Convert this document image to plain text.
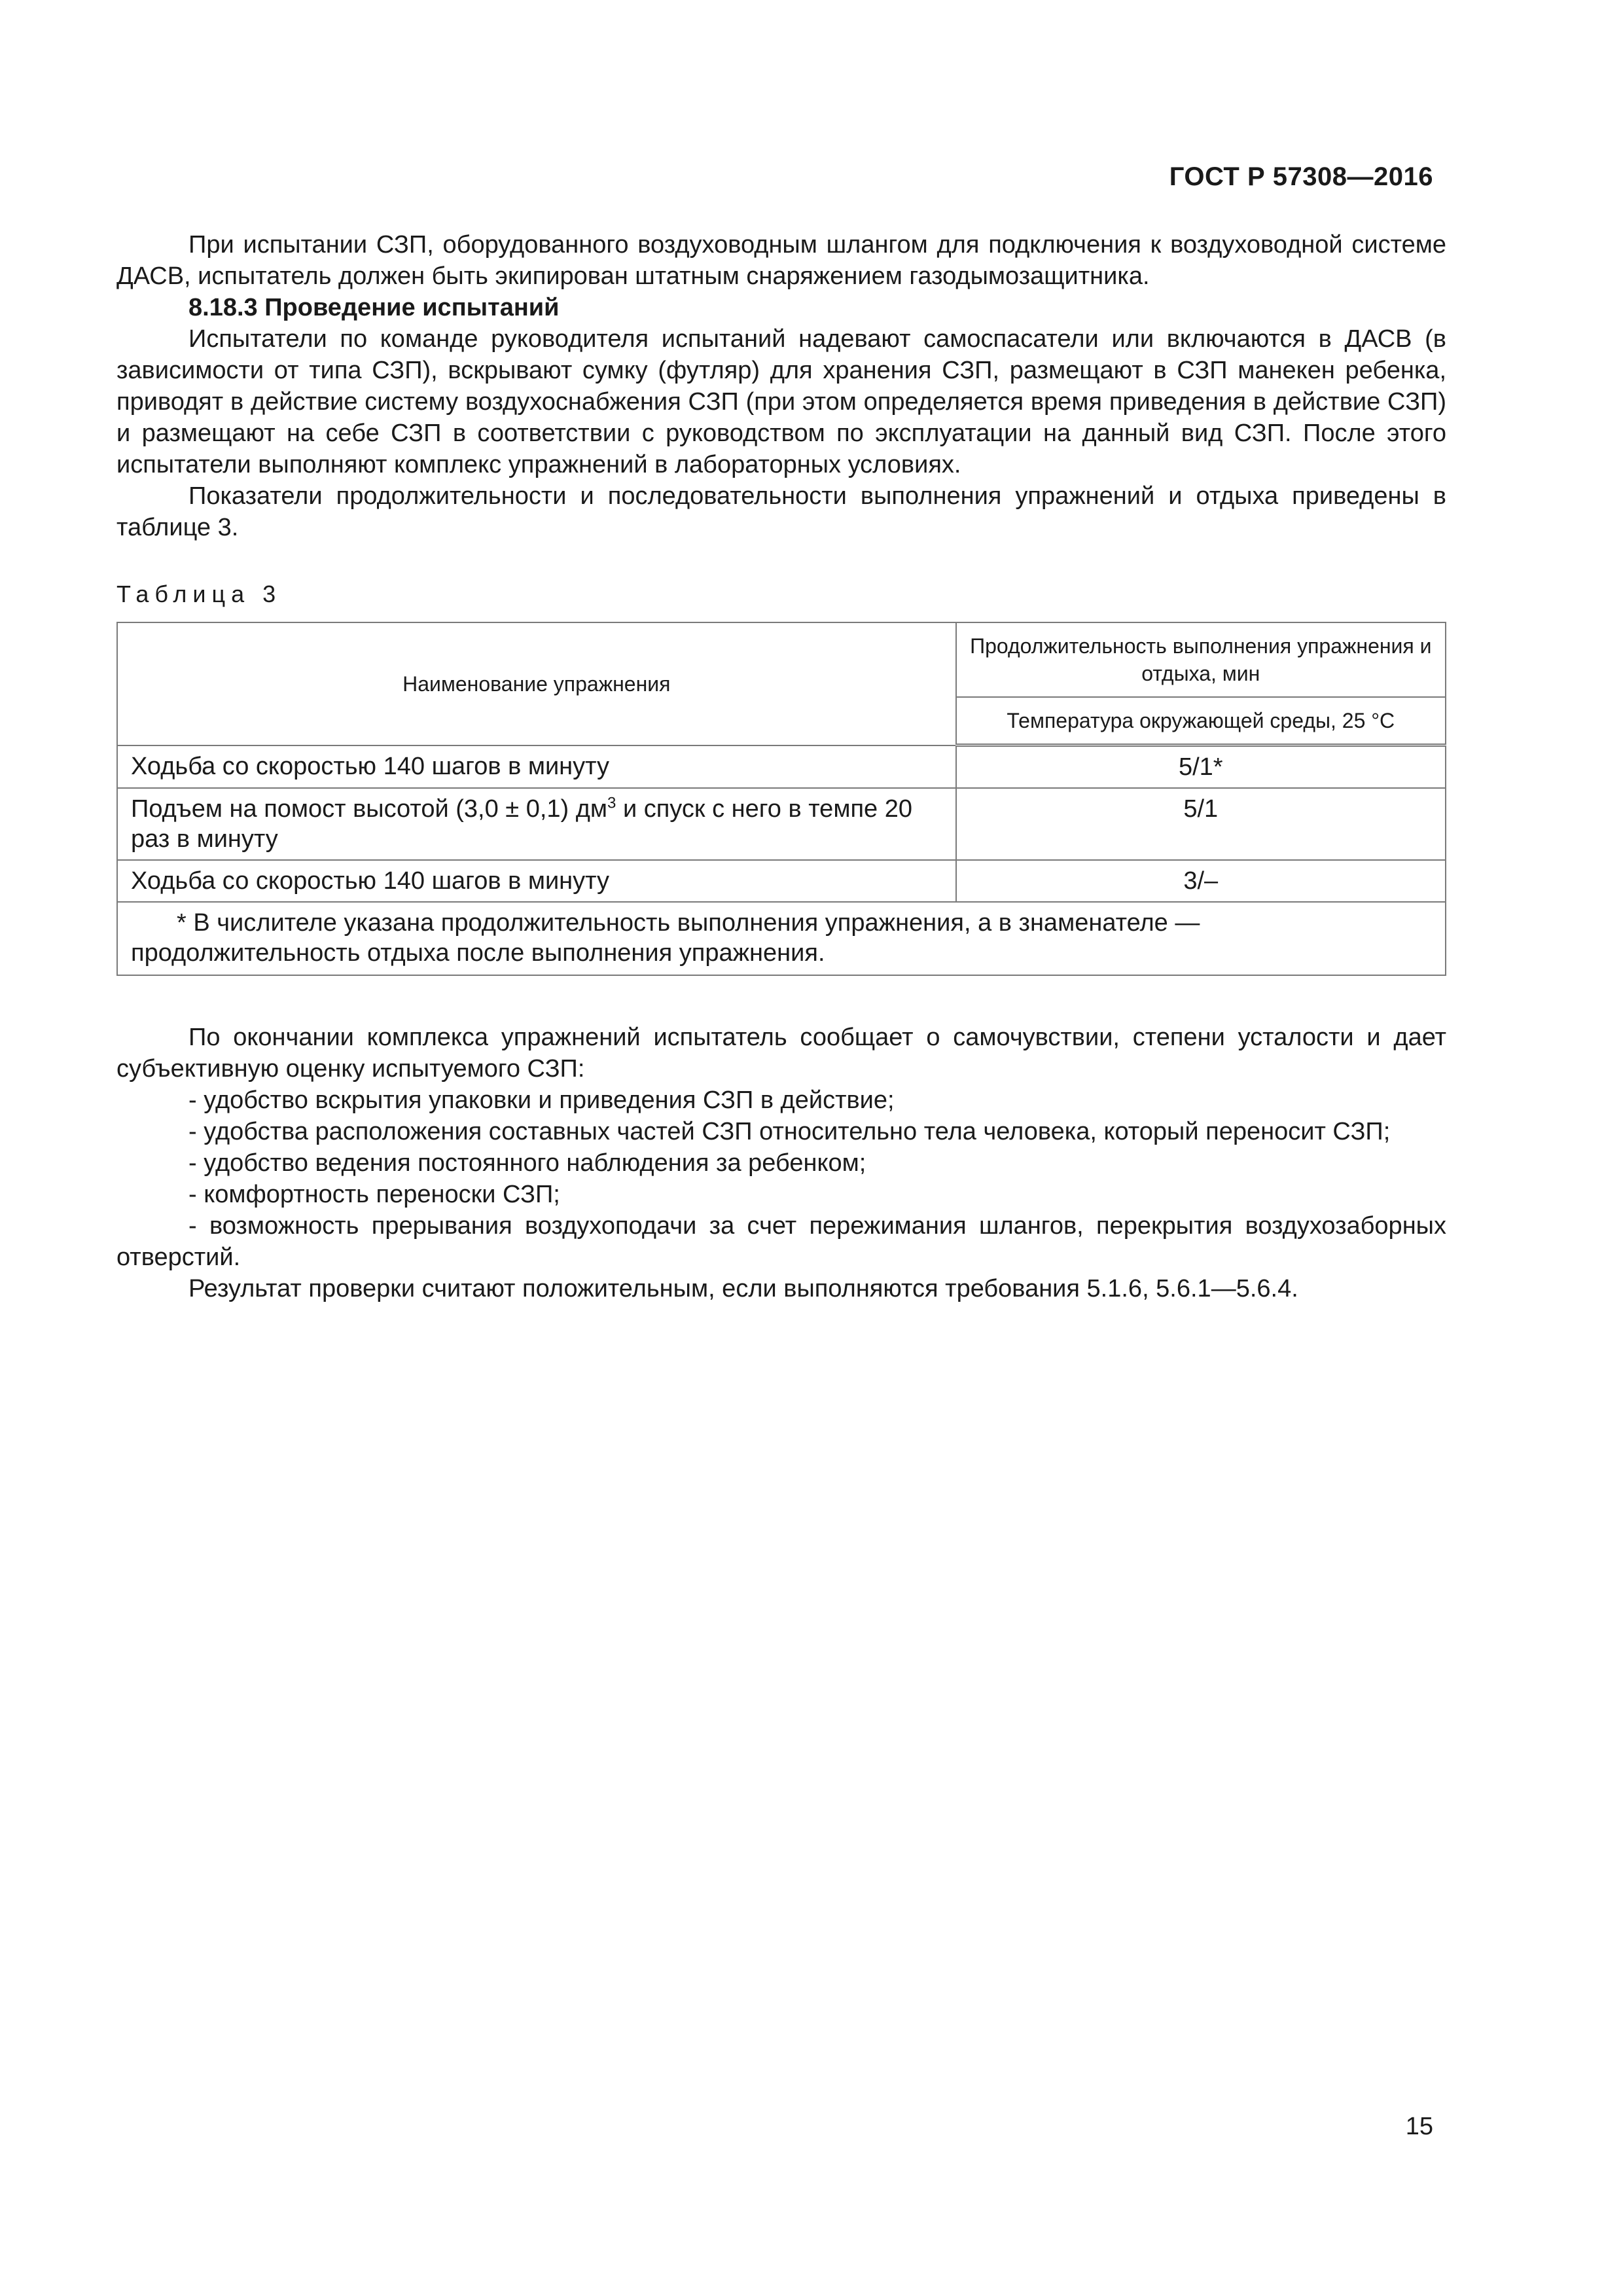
ГОСТ Р 57308—2016

При испытании СЗП, оборудованного воздуховодным шлангом для подключения к воздуховодной системе ДАСВ, испытатель должен быть экипирован штатным снаряжением газодымозащитника.

8.18.3 Проведение испытаний

Испытатели по команде руководителя испытаний надевают самоспасатели или включаются в ДАСВ (в зависимости от типа СЗП), вскрывают сумку (футляр) для хранения СЗП, размещают в СЗП манекен ребенка, приводят в действие систему воздухоснабжения СЗП (при этом определяется время приведения в действие СЗП) и размещают на себе СЗП в соответствии с руководством по эксплуатации на данный вид СЗП. После этого испытатели выполняют комплекс упражнений в лабораторных условиях.

Показатели продолжительности и последовательности выполнения упражнений и отдыха приведены в таблице 3.

Таблица 3
Наименование упражнения	Продолжительность выполнения упражнения и отдыха, мин
	Температура окружающей среды, 25 °С
Ходьба со скоростью 140 шагов в минуту	5/1*
Подъем на помост высотой (3,0 ± 0,1) $дм^3$ и спуск с него в темпе 20 раз в минуту	5/1
Ходьба со скоростью 140 шагов в минуту	3/–

* В числителе указана продолжительность выполнения упражнения, а в знаменателе — продолжительность отдыха после выполнения упражнения.	

По окончании комплекса упражнений испытатель сообщает о самочувствии, степени усталости и дает субъективную оценку испытуемого СЗП:

- удобство вскрытия упаковки и приведения СЗП в действие;

- удобства расположения составных частей СЗП относительно тела человека, который переносит СЗП;

- удобство ведения постоянного наблюдения за ребенком;

- комфортность переноски СЗП;

- возможность прерывания воздухоподачи за счет пережимания шлангов, перекрытия воздухозаборных отверстий.

Результат проверки считают положительным, если выполняются требования 5.1.6, 5.6.1—5.6.4.

15
